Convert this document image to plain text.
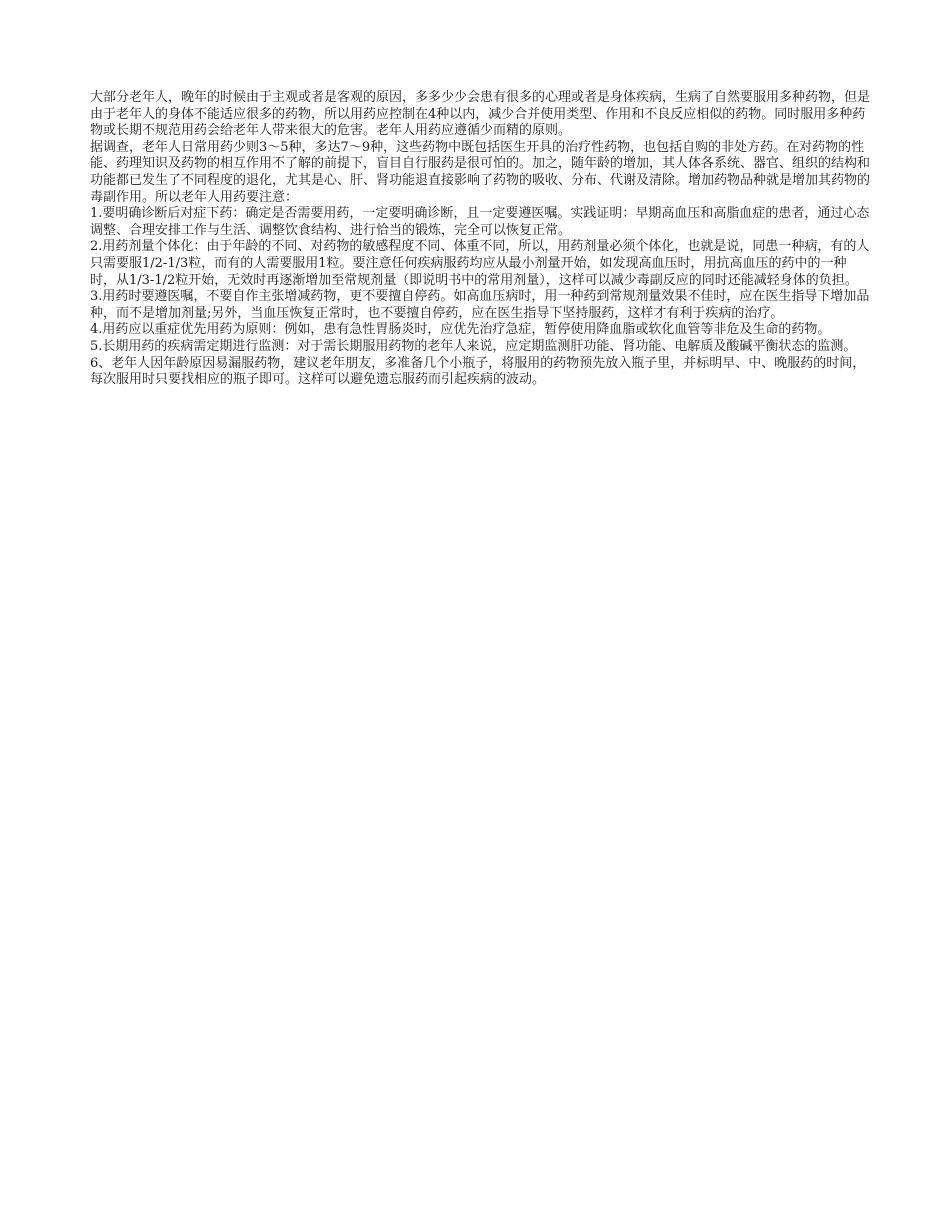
大部分老年人，晚年的时候由于主观或者是客观的原因，多多少少会患有很多的心理或者是身体疾病，生病了自然要服用多种药物，但是由于老年人的身体不能适应很多的药物，所以用药应控制在4种以内，减少合并使用类型、作用和不良反应相似的药物。同时服用多种药物或长期不规范用药会给老年人带来很大的危害。老年人用药应遵循少而精的原则。

据调查，老年人日常用药少则3～5种，多达7～9种，这些药物中既包括医生开具的治疗性药物，也包括自购的非处方药。在对药物的性能、药理知识及药物的相互作用不了解的前提下，盲目自行服药是很可怕的。加之，随年龄的增加，其人体各系统、器官、组织的结构和功能都已发生了不同程度的退化，尤其是心、肝、肾功能退直接影响了药物的吸收、分布、代谢及清除。增加药物品种就是增加其药物的毒副作用。所以老年人用药要注意：

1.要明确诊断后对症下药：确定是否需要用药，一定要明确诊断，且一定要遵医嘱。实践证明：早期高血压和高脂血症的患者，通过心态调整、合理安排工作与生活、调整饮食结构、进行恰当的锻炼，完全可以恢复正常。

2.用药剂量个体化：由于年龄的不同、对药物的敏感程度不同、体重不同，所以，用药剂量必须个体化，也就是说，同患一种病，有的人只需要服1/2-1/3粒，而有的人需要服用1粒。要注意任何疾病服药均应从最小剂量开始，如发现高血压时，用抗高血压的药中的一种时，从1/3-1/2粒开始，无效时再逐渐增加至常规剂量（即说明书中的常用剂量），这样可以减少毒副反应的同时还能减轻身体的负担。

3.用药时要遵医嘱，不要自作主张增减药物，更不要擅自停药。如高血压病时，用一种药到常规剂量效果不佳时，应在医生指导下增加品种，而不是增加剂量;另外，当血压恢复正常时，也不要擅自停药，应在医生指导下坚持服药，这样才有利于疾病的治疗。

4.用药应以重症优先用药为原则：例如，患有急性胃肠炎时，应优先治疗急症，暂停使用降血脂或软化血管等非危及生命的药物。

5.长期用药的疾病需定期进行监测：对于需长期服用药物的老年人来说，应定期监测肝功能、肾功能、电解质及酸碱平衡状态的监测。

6、老年人因年龄原因易漏服药物，建议老年朋友，多准备几个小瓶子，将服用的药物预先放入瓶子里，并标明早、中、晚服药的时间，每次服用时只要找相应的瓶子即可。这样可以避免遗忘服药而引起疾病的波动。
